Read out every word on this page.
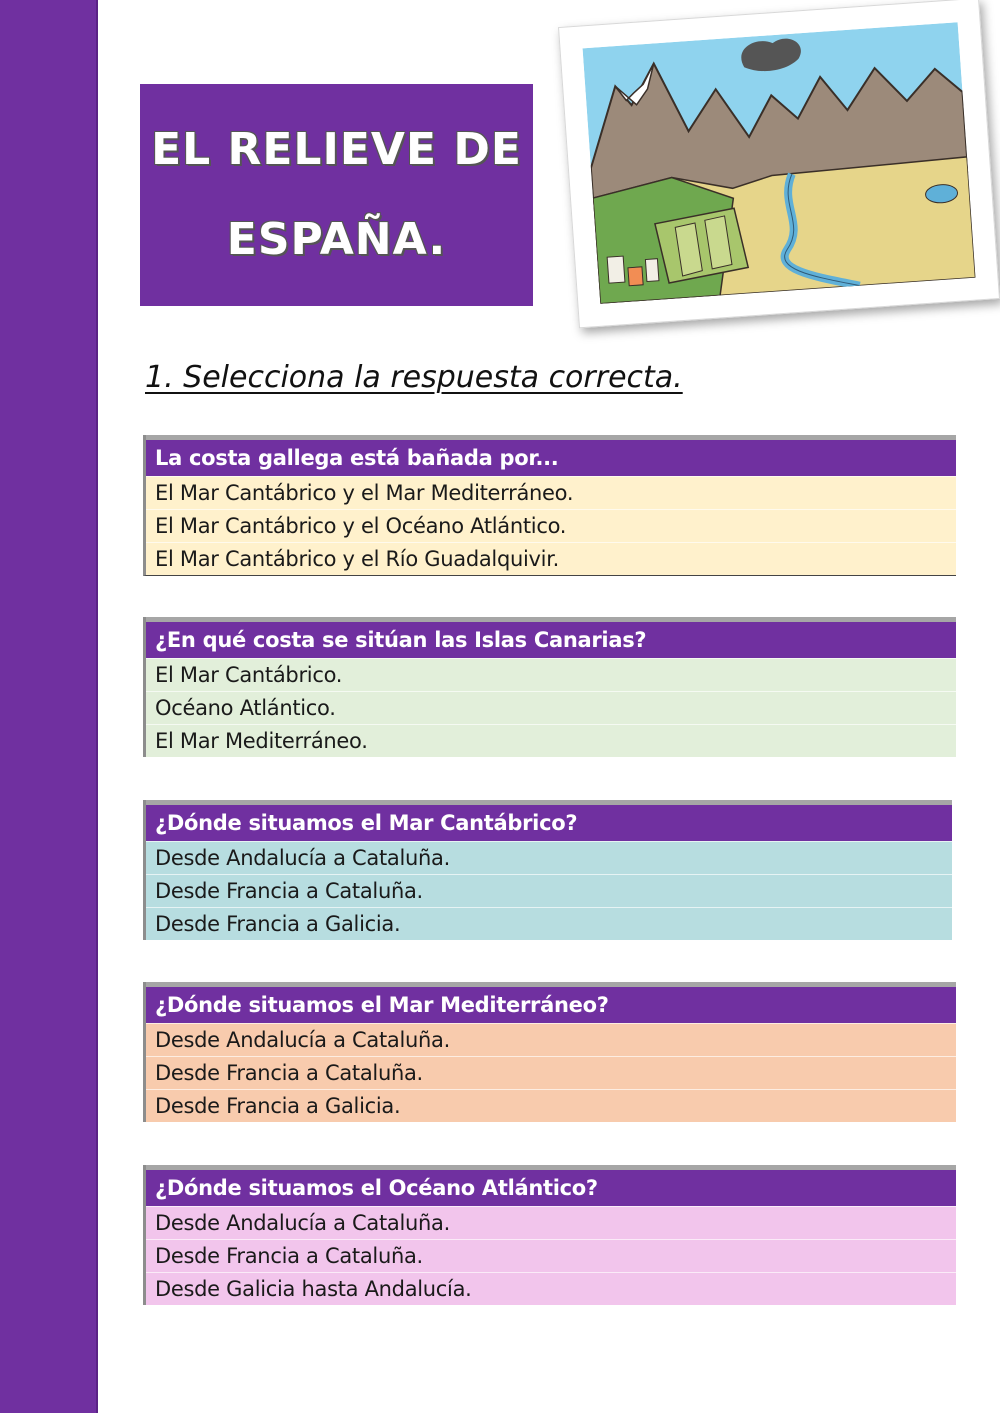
EL RELIEVE DE
ESPAÑA.
1. Selecciona la respuesta correcta.
La costa gallega está bañada por...
El Mar Cantábrico y el Mar Mediterráneo.
El Mar Cantábrico y el Océano Atlántico.
El Mar Cantábrico y el Río Guadalquivir.
¿En qué costa se sitúan las Islas Canarias?
El Mar Cantábrico.
Océano Atlántico.
El Mar Mediterráneo.
¿Dónde situamos el Mar Cantábrico?
Desde Andalucía a Cataluña.
Desde Francia a Cataluña.
Desde Francia a Galicia.
¿Dónde situamos el Mar Mediterráneo?
Desde Andalucía a Cataluña.
Desde Francia a Cataluña.
Desde Francia a Galicia.
¿Dónde situamos el Océano Atlántico?
Desde Andalucía a Cataluña.
Desde Francia a Cataluña.
Desde Galicia hasta Andalucía.
